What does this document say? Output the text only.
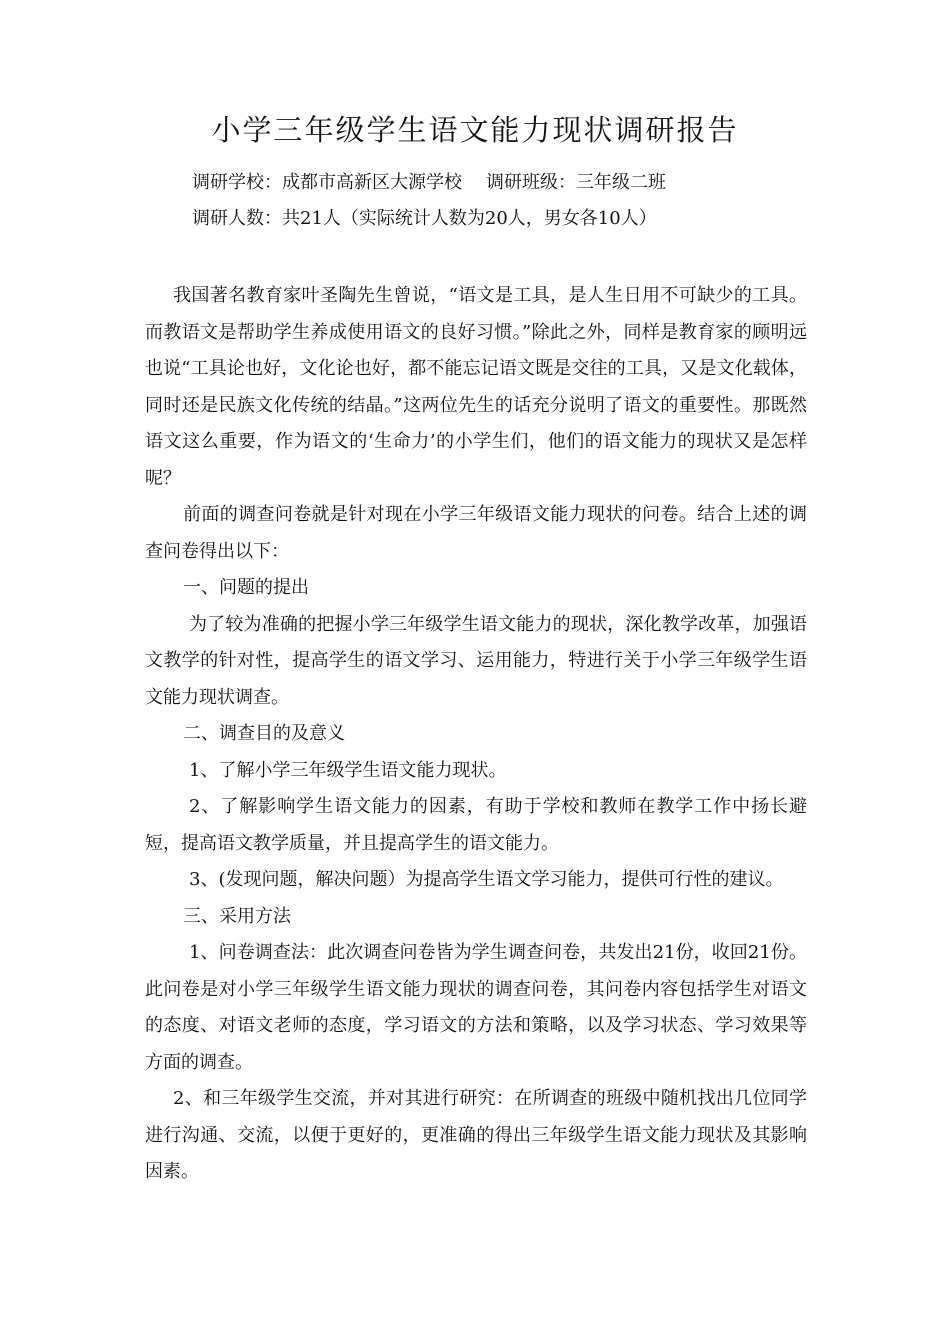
小学三年级学生语文能力现状调研报告
调研学校：成都市高新区大源学校 调研班级：三年级二班
调研人数：共21人（实际统计人数为20人，男女各10人）

我国著名教育家叶圣陶先生曾说，“语文是工具，是人生日用不可缺少的工具。而教语文是帮助学生养成使用语文的良好习惯。”除此之外，同样是教育家的顾明远也说“工具论也好，文化论也好，都不能忘记语文既是交往的工具，又是文化载体，同时还是民族文化传统的结晶。”这两位先生的话充分说明了语文的重要性。那既然语文这么重要，作为语文的‘生命力’的小学生们，他们的语文能力的现状又是怎样呢？

前面的调查问卷就是针对现在小学三年级语文能力现状的问卷。结合上述的调查问卷得出以下：

一、问题的提出

为了较为准确的把握小学三年级学生语文能力的现状，深化教学改革，加强语文教学的针对性，提高学生的语文学习、运用能力，特进行关于小学三年级学生语文能力现状调查。

二、调查目的及意义

1、了解小学三年级学生语文能力现状。

2、了解影响学生语文能力的因素，有助于学校和教师在教学工作中扬长避短，提高语文教学质量，并且提高学生的语文能力。

3、(发现问题，解决问题）为提高学生语文学习能力，提供可行性的建议。

三、采用方法

1、问卷调查法：此次调查问卷皆为学生调查问卷，共发出21份，收回21份。此问卷是对小学三年级学生语文能力现状的调查问卷，其问卷内容包括学生对语文的态度、对语文老师的态度，学习语文的方法和策略，以及学习状态、学习效果等方面的调查。

2、和三年级学生交流，并对其进行研究：在所调查的班级中随机找出几位同学进行沟通、交流，以便于更好的，更准确的得出三年级学生语文能力现状及其影响因素。
